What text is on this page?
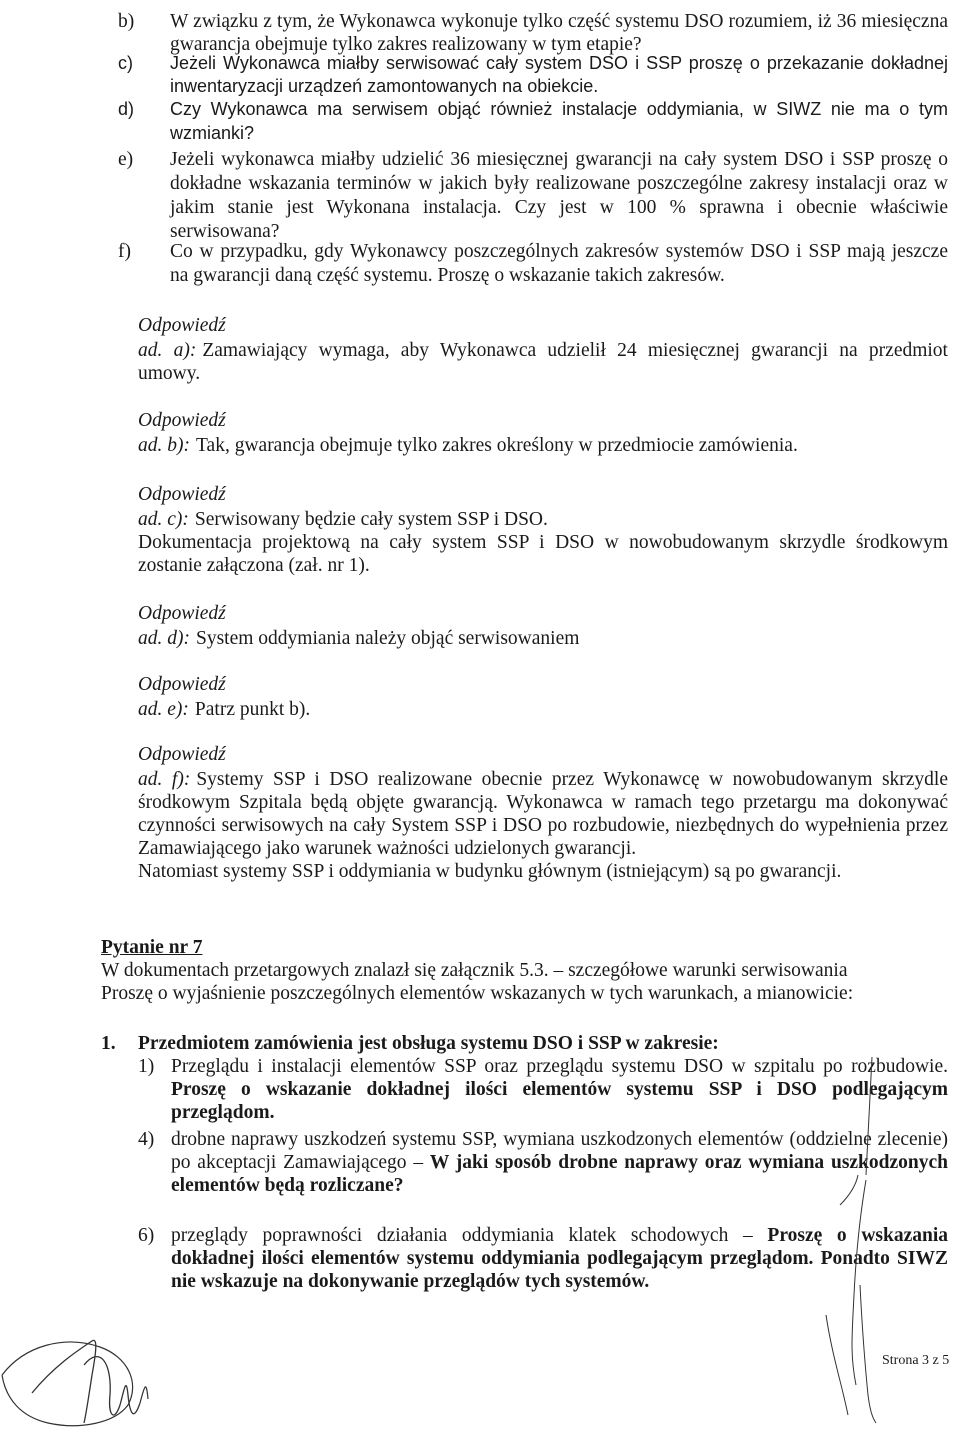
b)	W związku z tym, że Wykonawca wykonuje tylko część systemu DSO rozumiem, iż 36 miesięczna gwarancja obejmuje tylko zakres realizowany w tym etapie?
c)	Jeżeli Wykonawca miałby serwisować cały system DSO i SSP proszę o przekazanie dokładnej inwentaryzacji urządzeń zamontowanych na obiekcie.
d)	Czy Wykonawca ma serwisem objąć również instalacje oddymiania, w SIWZ nie ma o tym wzmianki?
e)	Jeżeli wykonawca miałby udzielić 36 miesięcznej gwarancji na cały system DSO i SSP proszę o dokładne wskazania terminów w jakich były realizowane poszczególne zakresy instalacji oraz w jakim stanie jest Wykonana instalacja. Czy jest w 100 % sprawna i obecnie właściwie serwisowana?
f)	Co w przypadku, gdy Wykonawcy poszczególnych zakresów systemów DSO i SSP mają jeszcze na gwarancji daną część systemu. Proszę o wskazanie takich zakresów.
Odpowiedź
ad. a): Zamawiający wymaga, aby Wykonawca udzielił 24 miesięcznej gwarancji na przedmiot umowy.
Odpowiedź
ad. b): Tak, gwarancja obejmuje tylko zakres określony w przedmiocie zamówienia.
Odpowiedź
ad. c): Serwisowany będzie cały system SSP i DSO.
Dokumentacja projektową na cały system SSP i DSO w nowobudowanym skrzydle środkowym zostanie załączona (zał. nr 1).
Odpowiedź
ad. d): System oddymiania należy objąć serwisowaniem
Odpowiedź
ad. e): Patrz punkt b).
Odpowiedź
ad. f): Systemy SSP i DSO realizowane obecnie przez Wykonawcę w nowobudowanym skrzydle środkowym Szpitala będą objęte gwarancją. Wykonawca w ramach tego przetargu ma dokonywać czynności serwisowych na cały System SSP i DSO po rozbudowie, niezbędnych do wypełnienia przez Zamawiającego jako warunek ważności udzielonych gwarancji.
Natomiast systemy SSP i oddymiania w budynku głównym (istniejącym) są po gwarancji.
Pytanie nr 7
W dokumentach przetargowych znalazł się załącznik 5.3. – szczegółowe warunki serwisowania
Proszę o wyjaśnienie poszczególnych elementów wskazanych w tych warunkach, a mianowicie:
1.	Przedmiotem zamówienia jest obsługa systemu DSO i SSP w zakresie:
1) Przeglądu i instalacji elementów SSP oraz przeglądu systemu DSO w szpitalu po rozbudowie. Proszę o wskazanie dokładnej ilości elementów systemu SSP i DSO podlegającym przeglądom.
4) drobne naprawy uszkodzeń systemu SSP, wymiana uszkodzonych elementów (oddzielne zlecenie) po akceptacji Zamawiającego – W jaki sposób drobne naprawy oraz wymiana uszkodzonych elementów będą rozliczane?
6) przeglądy poprawności działania oddymiania klatek schodowych – Proszę o wskazania dokładnej ilości elementów systemu oddymiania podlegającym przeglądom. Ponadto SIWZ nie wskazuje na dokonywanie przeglądów tych systemów.
Strona 3 z 5
